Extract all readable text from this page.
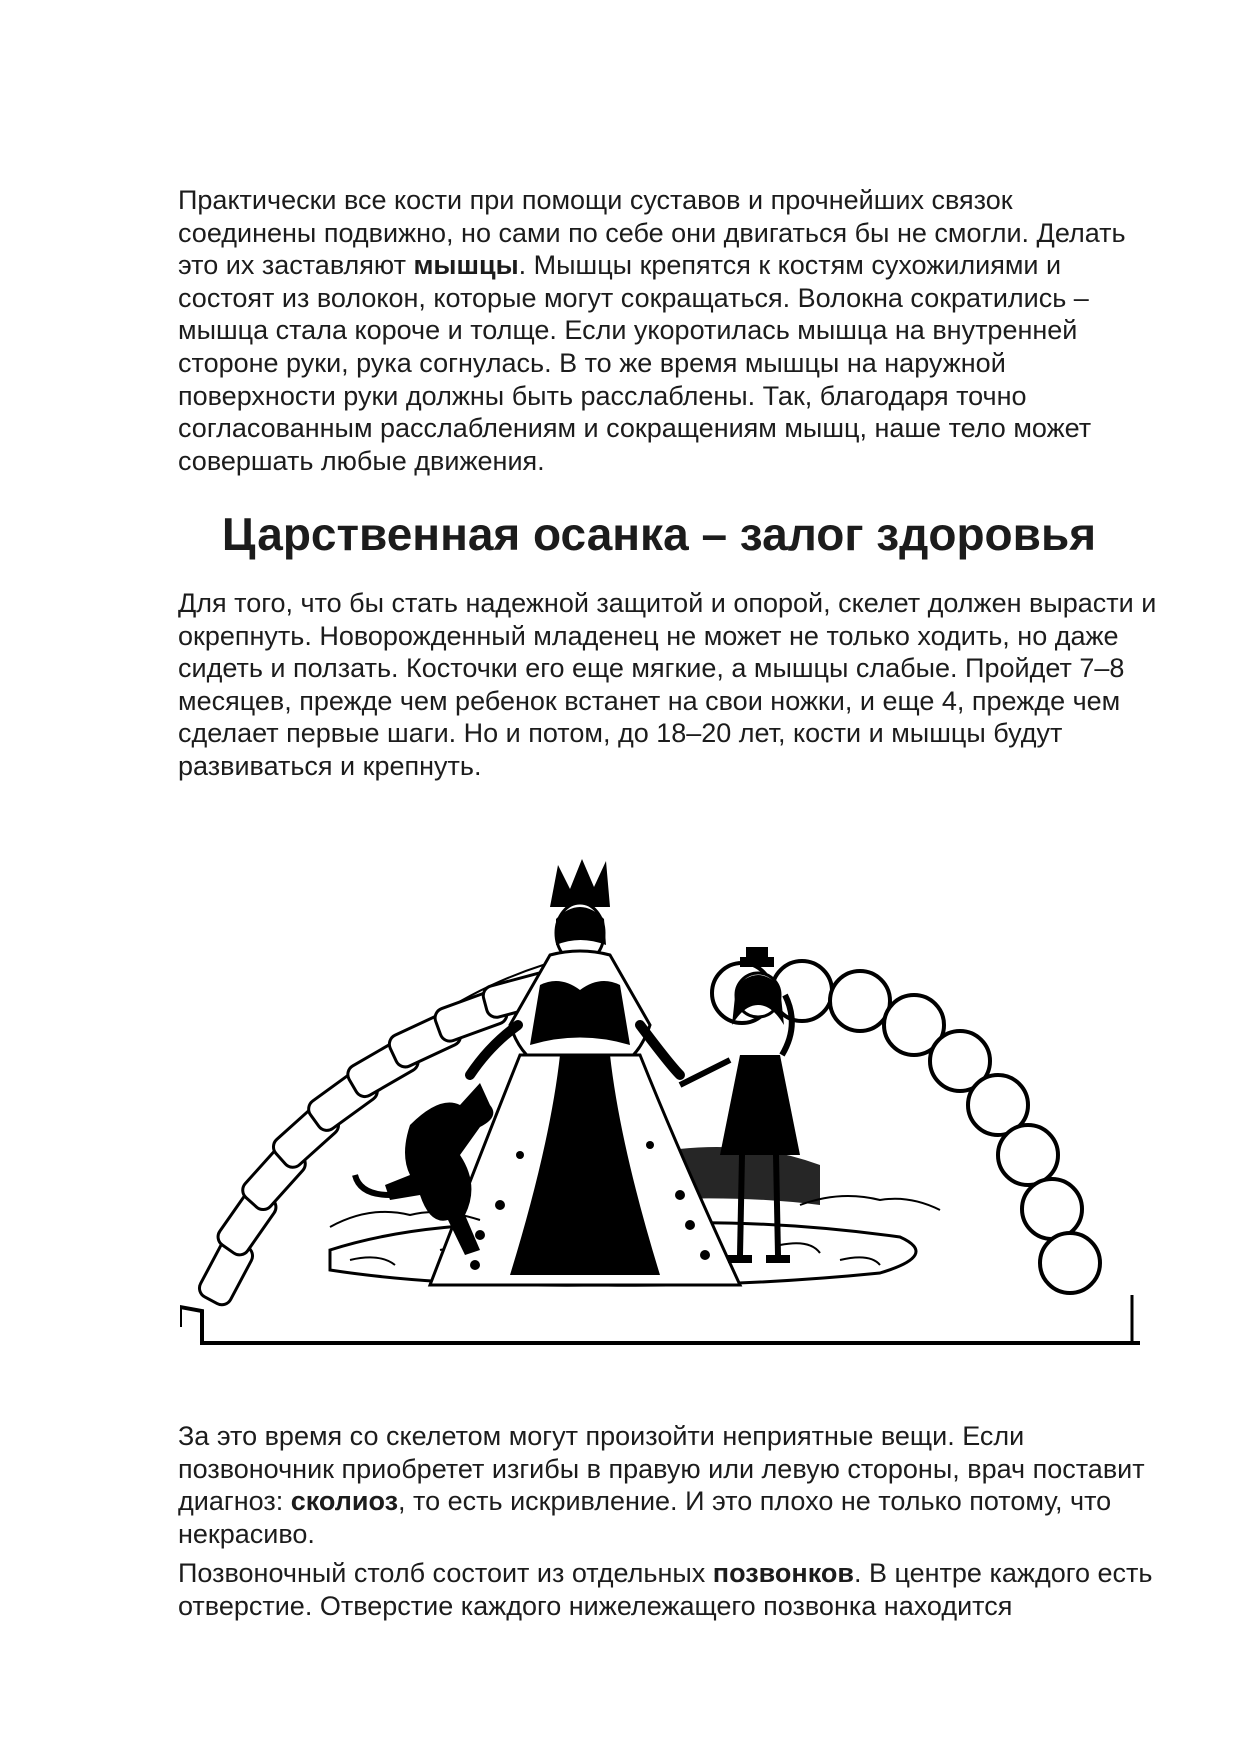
Практически все кости при помощи суставов и прочнейших связок соединены подвижно, но сами по себе они двигаться бы не смогли. Делать это их заставляют мышцы. Мышцы крепятся к костям сухожилиями и состоят из волокон, которые могут сокращаться. Волокна сократились – мышца стала короче и толще. Если укоротилась мышца на внутренней стороне руки, рука согнулась. В то же время мышцы на наружной поверхности руки должны быть расслаблены. Так, благодаря точно согласованным расслаблениям и сокращениям мышц, наше тело может совершать любые движения.

Царственная осанка – залог здоровья

Для того, что бы стать надежной защитой и опорой, скелет должен вырасти и окрепнуть. Новорожденный младенец не может не только ходить, но даже сидеть и ползать. Косточки его еще мягкие, а мышцы слабые. Пройдет 7–8 месяцев, прежде чем ребенок встанет на свои ножки, и еще 4, прежде чем сделает первые шаги. Но и потом, до 18–20 лет, кости и мышцы будут развиваться и крепнуть.

За это время со скелетом могут произойти неприятные вещи. Если позвоночник приобретет изгибы в правую или левую стороны, врач поставит диагноз: сколиоз, то есть искривление. И это плохо не только потому, что некрасиво.

Позвоночный столб состоит из отдельных позвонков. В центре каждого есть отверстие. Отверстие каждого нижележащего позвонка находится
